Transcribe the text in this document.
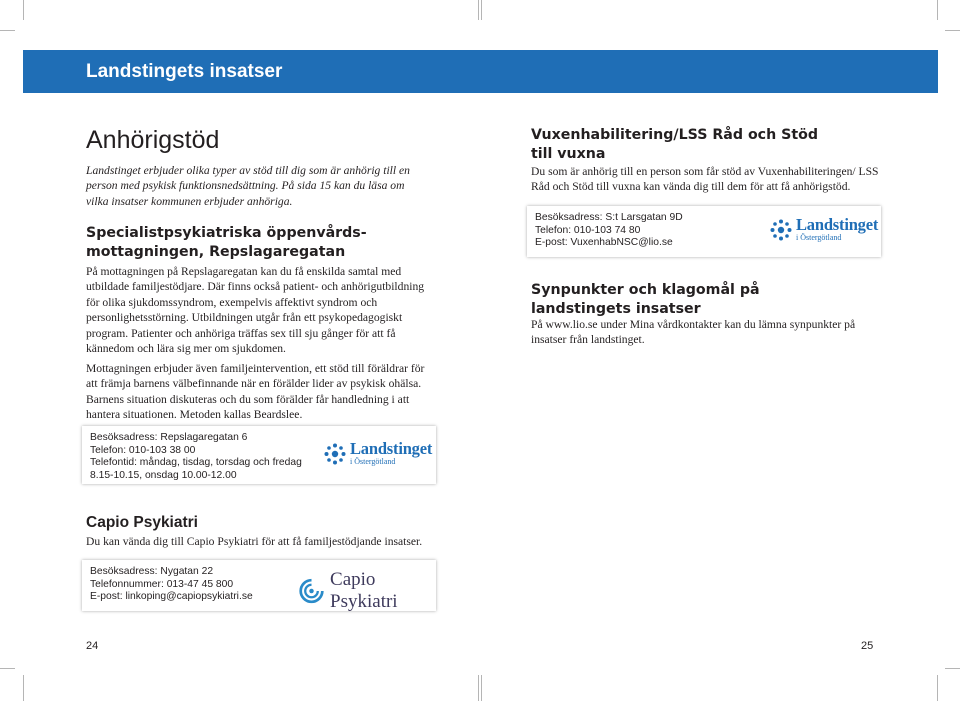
Landstingets insatser
Anhörigstöd

Landstinget erbjuder olika typer av stöd till dig som är anhörig till en person med psykisk funktionsnedsättning. På sida 15 kan du läsa om vilka insatser kommunen erbjuder anhöriga.

Specialistpsykiatriska öppenvårds-
mottagningen, Repslagaregatan

På mottagningen på Repslagaregatan kan du få enskilda samtal med utbildade familjestödjare. Där finns också patient- och anhörigutbildning för olika sjukdomssyndrom, exempelvis affektivt syndrom och personlighetsstörning. Utbildningen utgår från ett psykopedagogiskt program. Patienter och anhöriga träffas sex till sju gånger för att få kännedom och lära sig mer om sjukdomen.

Mottagningen erbjuder även familjeintervention, ett stöd till föräldrar för att främja barnens välbefinnande när en förälder lider av psykisk ohälsa. Barnens situation diskuteras och du som förälder får handledning i att hantera situationen. Metoden kallas Beardslee.

Besöksadress: Repslagaregatan 6
Telefon: 010-103 38 00
Telefontid: måndag, tisdag, torsdag och fredag
8.15-10.15, onsdag 10.00-12.00
Landstinget
i Östergötland
Capio Psykiatri

Du kan vända dig till Capio Psykiatri för att få familjestödjande insatser.

Besöksadress: Nygatan 22
Telefonnummer: 013-47 45 800
E-post: linkoping@capiopsykiatri.se
Capio Psykiatri
24
Vuxenhabilitering/LSS Råd och Stöd
till vuxna

Du som är anhörig till en person som får stöd av Vuxenhabiliteringen/ LSS Råd och Stöd till vuxna kan vända dig till dem för att få anhörigstöd.

Besöksadress: S:t Larsgatan 9D
Telefon: 010-103 74 80
E-post: VuxenhabNSC@lio.se
Landstinget
i Östergötland
Synpunkter och klagomål på
landstingets insatser

På www.lio.se under Mina vårdkontakter kan du lämna synpunkter på insatser från landstinget.

25
